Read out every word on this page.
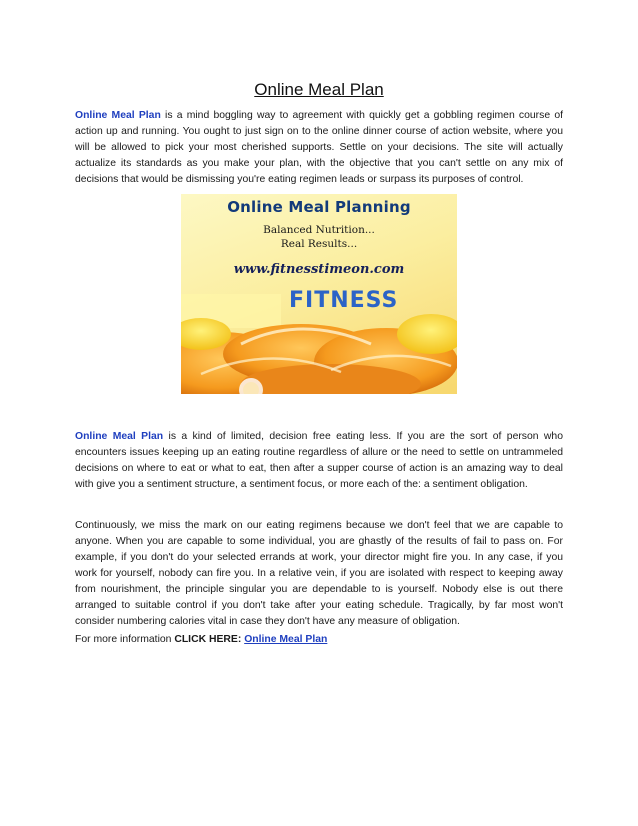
Online Meal Plan

Online Meal Plan is a mind boggling way to agreement with quickly get a gobbling regimen course of action up and running. You ought to just sign on to the online dinner course of action website, where you will be allowed to pick your most cherished supports. Settle on your decisions. The site will actually actualize its standards as you make your plan, with the objective that you can't settle on any mix of decisions that would be dismissing you're eating regimen leads or surpass its purposes of control.

Online Meal Planning
Balanced Nutrition...
Real Results...
www.fitnesstimeon.com
FITNESS

Online Meal Plan is a kind of limited, decision free eating less. If you are the sort of person who encounters issues keeping up an eating routine regardless of allure or the need to settle on untrammeled decisions on where to eat or what to eat, then after a supper course of action is an amazing way to deal with give you a sentiment structure, a sentiment focus, or more each of the: a sentiment obligation.

Continuously, we miss the mark on our eating regimens because we don't feel that we are capable to anyone. When you are capable to some individual, you are ghastly of the results of fail to pass on. For example, if you don't do your selected errands at work, your director might fire you. In any case, if you work for yourself, nobody can fire you. In a relative vein, if you are isolated with respect to keeping away from nourishment, the principle singular you are dependable to is yourself. Nobody else is out there arranged to suitable control if you don't take after your eating schedule. Tragically, by far most won't consider numbering calories vital in case they don't have any measure of obligation.

For more information CLICK HERE: Online Meal Plan
